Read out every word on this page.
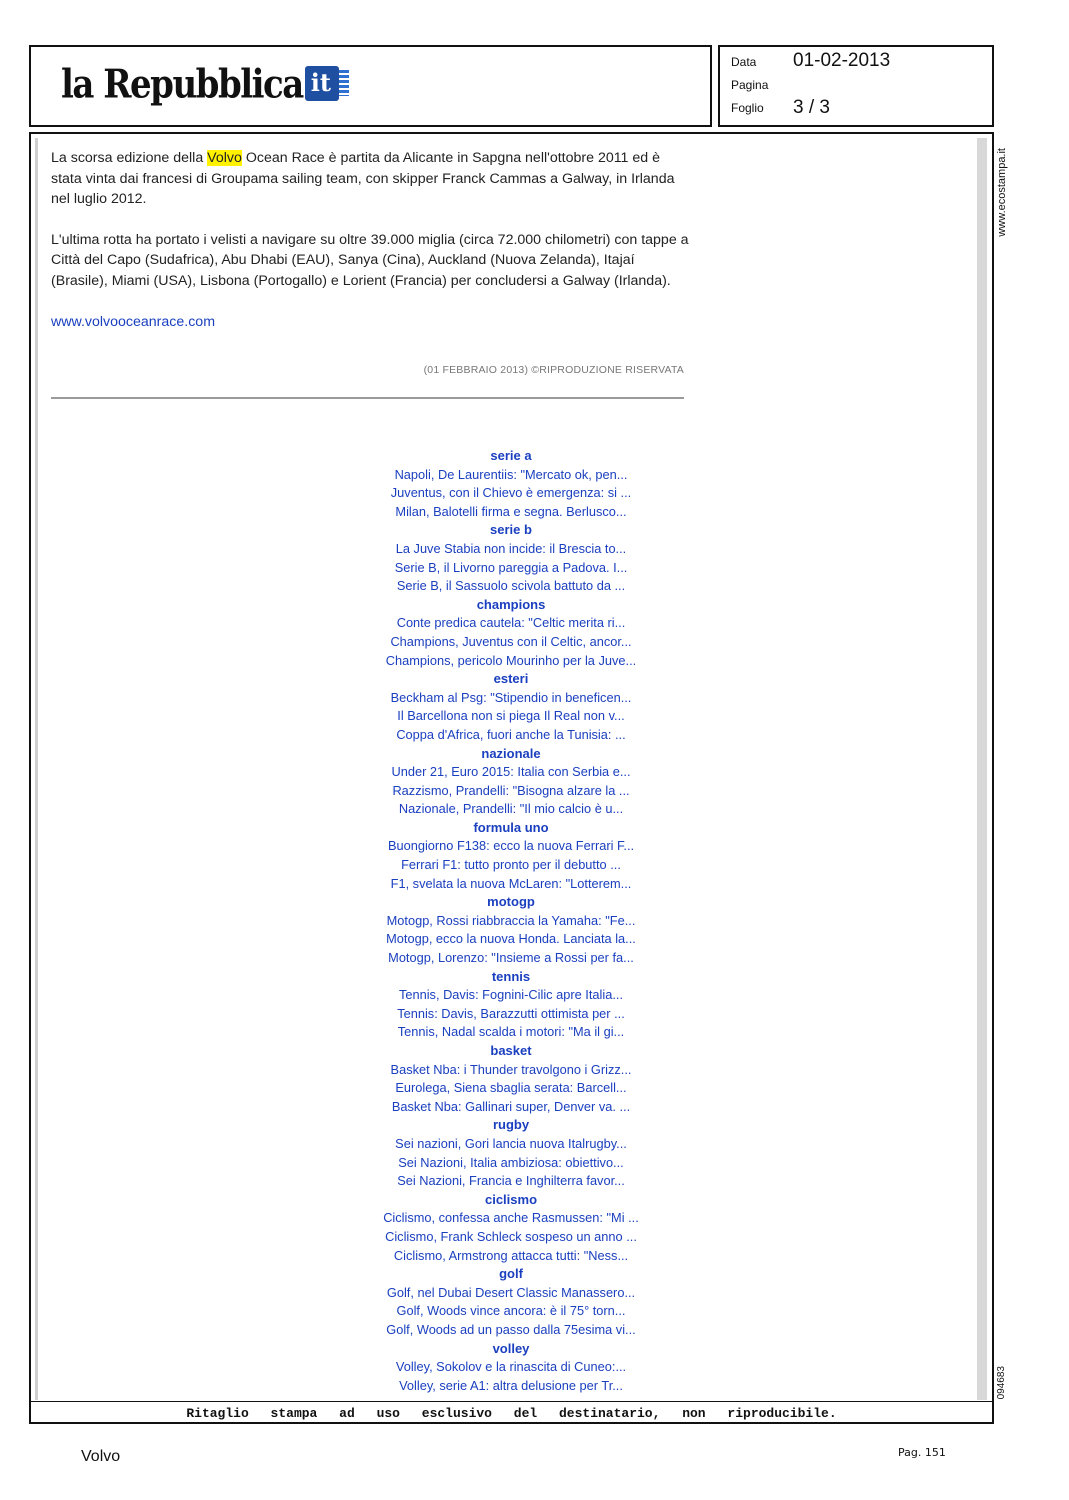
la Repubblica it
Data 01-02-2013
Pagina
Foglio 3 / 3
www.ecostampa.it
094683

La scorsa edizione della Volvo Ocean Race è partita da Alicante in Sapgna nell'ottobre 2011 ed è stata vinta dai francesi di Groupama sailing team, con skipper Franck Cammas a Galway, in Irlanda nel luglio 2012.

L'ultima rotta ha portato i velisti a navigare su oltre 39.000 miglia (circa 72.000 chilometri) con tappe a Città del Capo (Sudafrica), Abu Dhabi (EAU), Sanya (Cina), Auckland (Nuova Zelanda), Itajaí (Brasile), Miami (USA), Lisbona (Portogallo) e Lorient (Francia) per concludersi a Galway (Irlanda).

www.volvooceanrace.com

(01 FEBBRAIO 2013) ©RIPRODUZIONE RISERVATA
serie a
Napoli, De Laurentiis: "Mercato ok, pen...
Juventus, con il Chievo è emergenza: si ...
Milan, Balotelli firma e segna. Berlusco...
serie b
La Juve Stabia non incide: il Brescia to...
Serie B, il Livorno pareggia a Padova. I...
Serie B, il Sassuolo scivola battuto da ...
champions
Conte predica cautela: "Celtic merita ri...
Champions, Juventus con il Celtic, ancor...
Champions, pericolo Mourinho per la Juve...
esteri
Beckham al Psg: "Stipendio in beneficen...
Il Barcellona non si piega Il Real non v...
Coppa d'Africa, fuori anche la Tunisia: ...
nazionale
Under 21, Euro 2015: Italia con Serbia e...
Razzismo, Prandelli: "Bisogna alzare la ...
Nazionale, Prandelli: "Il mio calcio è u...
formula uno
Buongiorno F138: ecco la nuova Ferrari F...
Ferrari F1: tutto pronto per il debutto ...
F1, svelata la nuova McLaren: "Lotterem...
motogp
Motogp, Rossi riabbraccia la Yamaha: "Fe...
Motogp, ecco la nuova Honda. Lanciata la...
Motogp, Lorenzo: "Insieme a Rossi per fa...
tennis
Tennis, Davis: Fognini-Cilic apre Italia...
Tennis: Davis, Barazzutti ottimista per ...
Tennis, Nadal scalda i motori: "Ma il gi...
basket
Basket Nba: i Thunder travolgono i Grizz...
Eurolega, Siena sbaglia serata: Barcell...
Basket Nba: Gallinari super, Denver va. ...
rugby
Sei nazioni, Gori lancia nuova Italrugby...
Sei Nazioni, Italia ambiziosa: obiettivo...
Sei Nazioni, Francia e Inghilterra favor...
ciclismo
Ciclismo, confessa anche Rasmussen: "Mi ...
Ciclismo, Frank Schleck sospeso un anno ...
Ciclismo, Armstrong attacca tutti: "Ness...
golf
Golf, nel Dubai Desert Classic Manassero...
Golf, Woods vince ancora: è il 75° torn...
Golf, Woods ad un passo dalla 75esima vi...
volley
Volley, Sokolov e la rinascita di Cuneo:...
Volley, serie A1: altra delusione per Tr...
Ritaglio stampa ad uso esclusivo del destinatario, non riproducibile.
Volvo	Pag. 151
